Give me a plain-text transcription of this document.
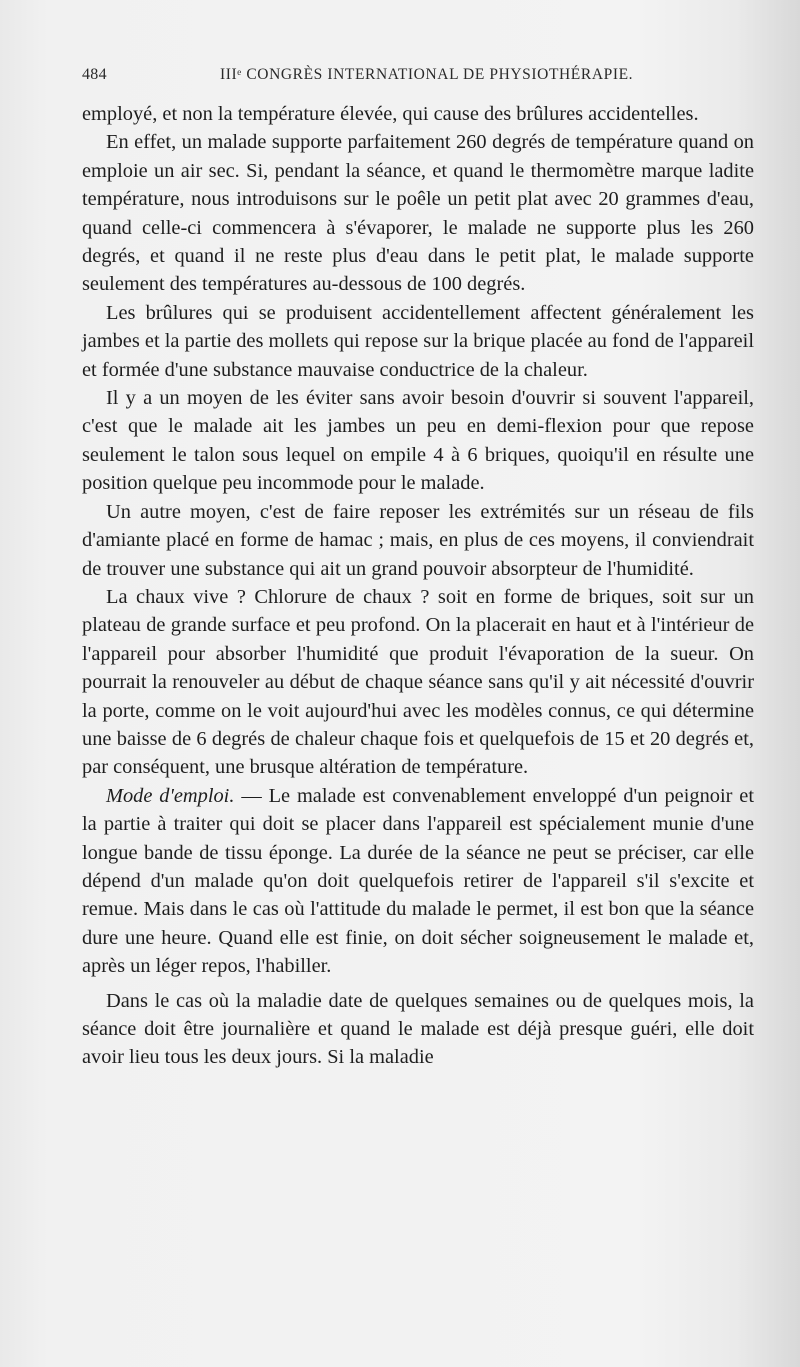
484	IIIᵉ CONGRÈS INTERNATIONAL DE PHYSIOTHÉRAPIE.

employé, et non la température élevée, qui cause des brûlures accidentelles.

En effet, un malade supporte parfaitement 260 degrés de température quand on emploie un air sec. Si, pendant la séance, et quand le thermomètre marque ladite température, nous introduisons sur le poêle un petit plat avec 20 grammes d'eau, quand celle-ci commencera à s'évaporer, le malade ne supporte plus les 260 degrés, et quand il ne reste plus d'eau dans le petit plat, le malade supporte seulement des températures au-dessous de 100 degrés.

Les brûlures qui se produisent accidentellement affectent généralement les jambes et la partie des mollets qui repose sur la brique placée au fond de l'appareil et formée d'une substance mauvaise conductrice de la chaleur.

Il y a un moyen de les éviter sans avoir besoin d'ouvrir si souvent l'appareil, c'est que le malade ait les jambes un peu en demi-flexion pour que repose seulement le talon sous lequel on empile 4 à 6 briques, quoiqu'il en résulte une position quelque peu incommode pour le malade.

Un autre moyen, c'est de faire reposer les extrémités sur un réseau de fils d'amiante placé en forme de hamac ; mais, en plus de ces moyens, il conviendrait de trouver une substance qui ait un grand pouvoir absorpteur de l'humidité.

La chaux vive ? Chlorure de chaux ? soit en forme de briques, soit sur un plateau de grande surface et peu profond. On la placerait en haut et à l'intérieur de l'appareil pour absorber l'humidité que produit l'évaporation de la sueur. On pourrait la renouveler au début de chaque séance sans qu'il y ait nécessité d'ouvrir la porte, comme on le voit aujourd'hui avec les modèles connus, ce qui détermine une baisse de 6 degrés de chaleur chaque fois et quelquefois de 15 et 20 degrés et, par conséquent, une brusque altération de température.

Mode d'emploi. — Le malade est convenablement enveloppé d'un peignoir et la partie à traiter qui doit se placer dans l'appareil est spécialement munie d'une longue bande de tissu éponge. La durée de la séance ne peut se préciser, car elle dépend d'un malade qu'on doit quelquefois retirer de l'appareil s'il s'excite et remue. Mais dans le cas où l'attitude du malade le permet, il est bon que la séance dure une heure. Quand elle est finie, on doit sécher soigneusement le malade et, après un léger repos, l'habiller.

Dans le cas où la maladie date de quelques semaines ou de quelques mois, la séance doit être journalière et quand le malade est déjà presque guéri, elle doit avoir lieu tous les deux jours. Si la maladie
